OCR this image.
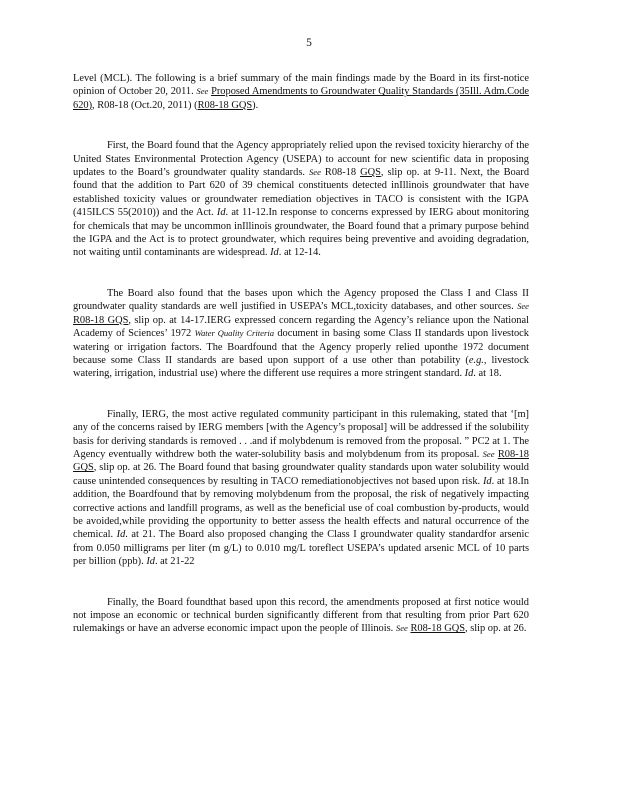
5

Level (MCL). The following is a brief summary of the main findings made by the Board in its first-notice opinion of October 20, 2011. See Proposed Amendments to Groundwater Quality Standards (35Ill. Adm.Code 620), R08-18 (Oct.20, 2011) (R08-18 GQS).

First, the Board found that the Agency appropriately relied upon the revised toxicity hierarchy of the United States Environmental Protection Agency (USEPA) to account for new scientific data in proposing updates to the Board’s groundwater quality standards. See R08-18 GQS, slip op. at 9-11. Next, the Board found that the addition to Part 620 of 39 chemical constituents detected inIllinois groundwater that have established toxicity values or groundwater remediation objectives in TACO is consistent with the IGPA (415ILCS 55(2010)) and the Act. Id. at 11-12.In response to concerns expressed by IERG about monitoring for chemicals that may be uncommon inIllinois groundwater, the Board found that a primary purpose behind the IGPA and the Act is to protect groundwater, which requires being preventive and avoiding degradation, not waiting until contaminants are widespread. Id. at 12-14.

The Board also found that the bases upon which the Agency proposed the Class I and Class II groundwater quality standards are well justified in USEPA’s MCL,toxicity databases, and other sources. See R08-18 GQS, slip op. at 14-17.IERG expressed concern regarding the Agency’s reliance upon the National Academy of Sciences’ 1972 Water Quality Criteria document in basing some Class II standards upon livestock watering or irrigation factors. The Boardfound that the Agency properly relied uponthe 1972 document because some Class II standards are based upon support of a use other than potability (e.g., livestock watering, irrigation, industrial use) where the different use requires a more stringent standard. Id. at 18.

Finally, IERG, the most active regulated community participant in this rulemaking, stated that ‘[m] any of the concerns raised by IERG members [with the Agency’s proposal] will be addressed if the solubility basis for deriving standards is removed . . .and if molybdenum is removed from the proposal. ” PC2 at 1. The Agency eventually withdrew both the water-solubility basis and molybdenum from its proposal. See R08-18 GQS, slip op. at 26. The Board found that basing groundwater quality standards upon water solubility would cause unintended consequences by resulting in TACO remediationobjectives not based upon risk. Id. at 18.In addition, the Boardfound that by removing molybdenum from the proposal, the risk of negatively impacting corrective actions and landfill programs, as well as the beneficial use of coal combustion by-products, would be avoided,while providing the opportunity to better assess the health effects and natural occurrence of the chemical. Id. at 21. The Board also proposed changing the Class I groundwater quality standardfor arsenic from 0.050 milligrams per liter (m g/L) to 0.010 mg/L toreflect USEPA’s updated arsenic MCL of 10 parts per billion (ppb). Id. at 21-22

Finally, the Board foundthat based upon this record, the amendments proposed at first notice would not impose an economic or technical burden significantly different from that resulting from prior Part 620 rulemakings or have an adverse economic impact upon the people of Illinois. See R08-18 GQS, slip op. at 26.
